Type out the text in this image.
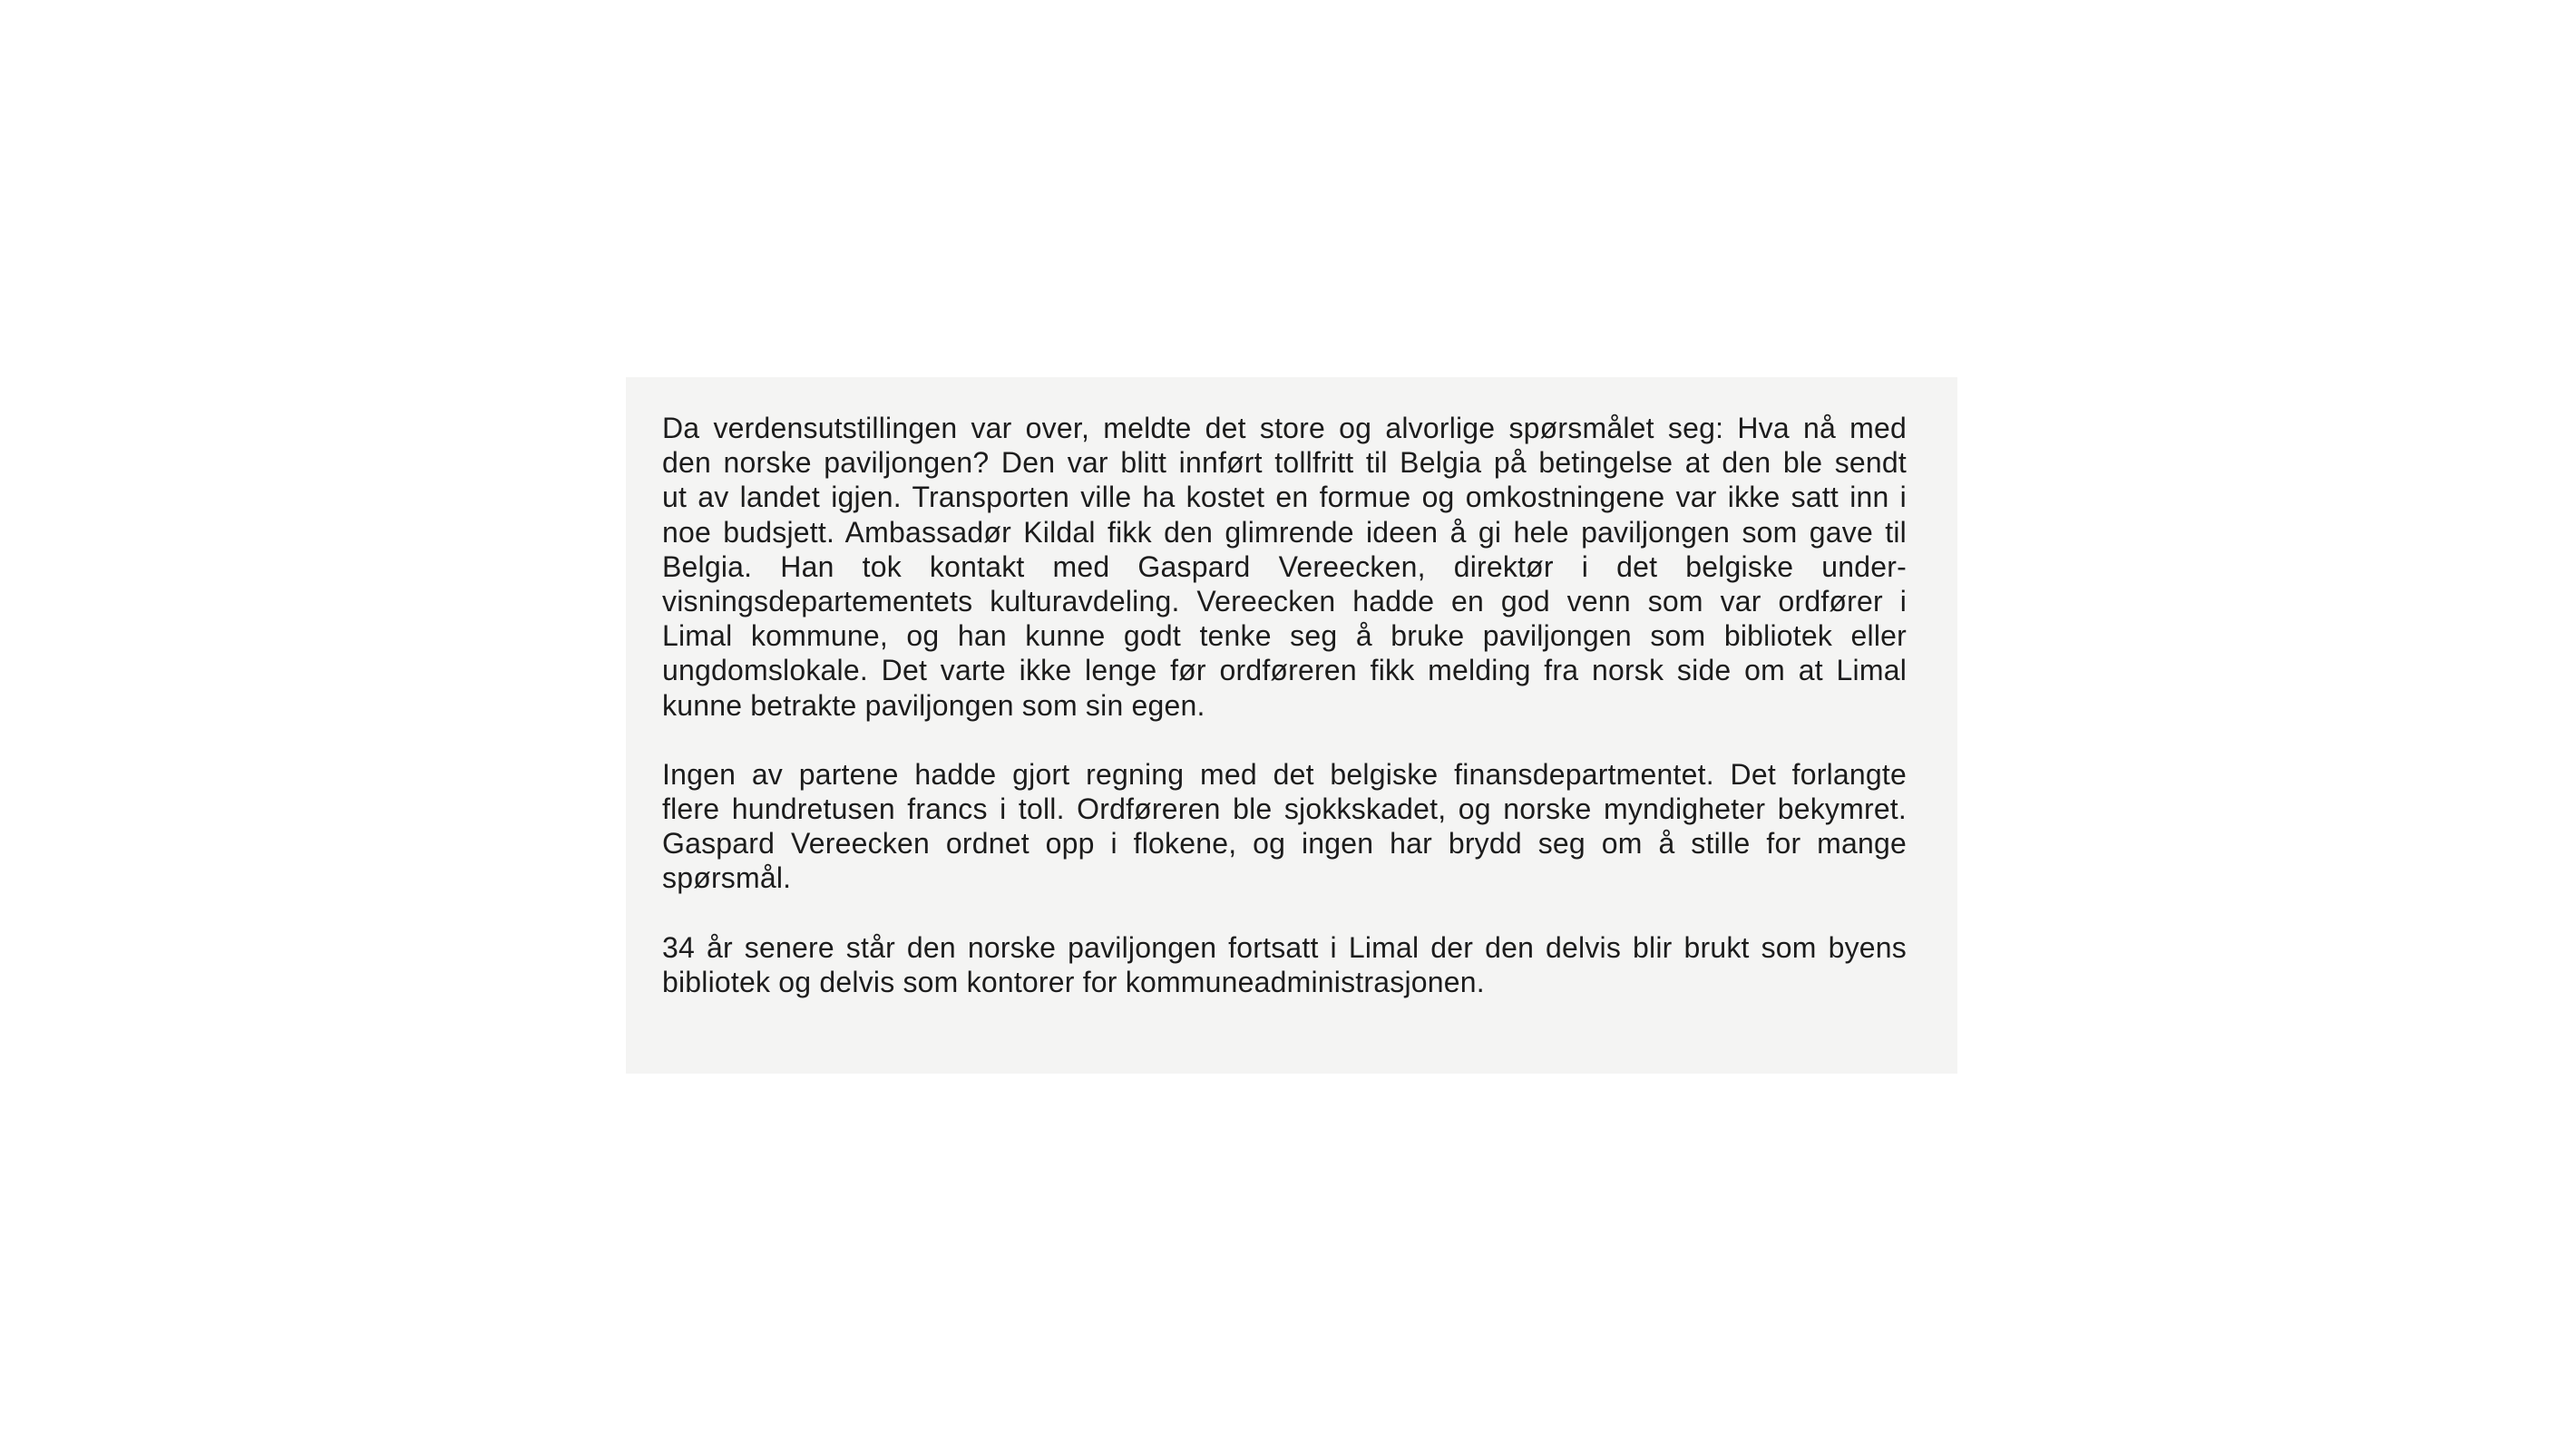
Da verdensutstillingen var over, meldte det store og alvorlige spørsmålet seg: Hva nå med
den norske paviljongen? Den var blitt innført tollfritt til Belgia på betingelse at den ble sendt
ut av landet igjen. Transporten ville ha kostet en formue og omkostningene var ikke satt inn i
noe budsjett. Ambassadør Kildal fikk den glimrende ideen å gi hele paviljongen som gave til
Belgia. Han tok kontakt med Gaspard Vereecken, direktør i det belgiske under-
visningsdepartementets kulturavdeling. Vereecken hadde en god venn som var ordfører i
Limal kommune, og han kunne godt tenke seg å bruke paviljongen som bibliotek eller
ungdomslokale. Det varte ikke lenge før ordføreren fikk melding fra norsk side om at Limal
kunne betrakte paviljongen som sin egen.
Ingen av partene hadde gjort regning med det belgiske finansdepartmentet. Det forlangte
flere hundretusen francs i toll. Ordføreren ble sjokkskadet, og norske myndigheter bekymret.
Gaspard Vereecken ordnet opp i flokene, og ingen har brydd seg om å stille for mange
spørsmål.
34 år senere står den norske paviljongen fortsatt i Limal der den delvis blir brukt som byens
bibliotek og delvis som kontorer for kommuneadministrasjonen.
